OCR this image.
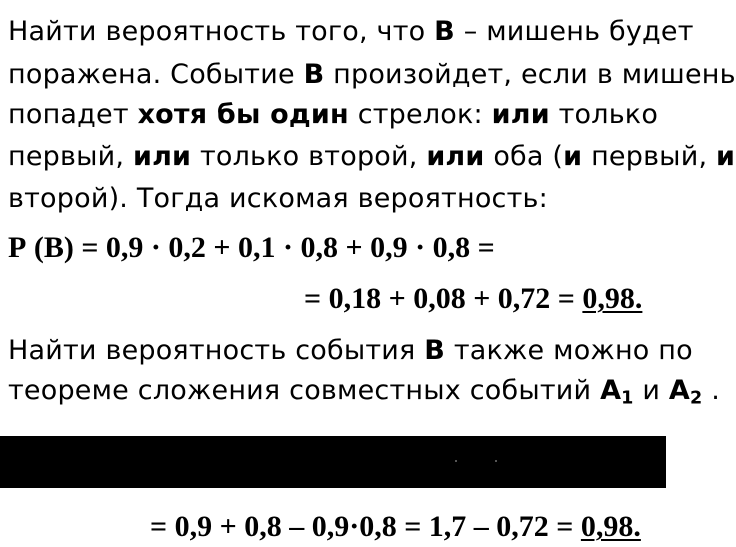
Найти вероятность того, что В – мишень будет
поражена. Событие В произойдет, если в мишень
попадет хотя бы один стрелок: или только
первый, или только второй, или оба (и первый, и
второй). Тогда искомая вероятность:
Р (В) = 0,9 · 0,2 + 0,1 · 0,8 + 0,9 · 0,8 =
= 0,18 + 0,08 + 0,72 = 0,98.
Найти вероятность события В также можно по
теореме сложения совместных событий $А_1$ и $А_2$ .
= 0,9 + 0,8 – 0,9·0,8 = 1,7 – 0,72 = 0,98.
